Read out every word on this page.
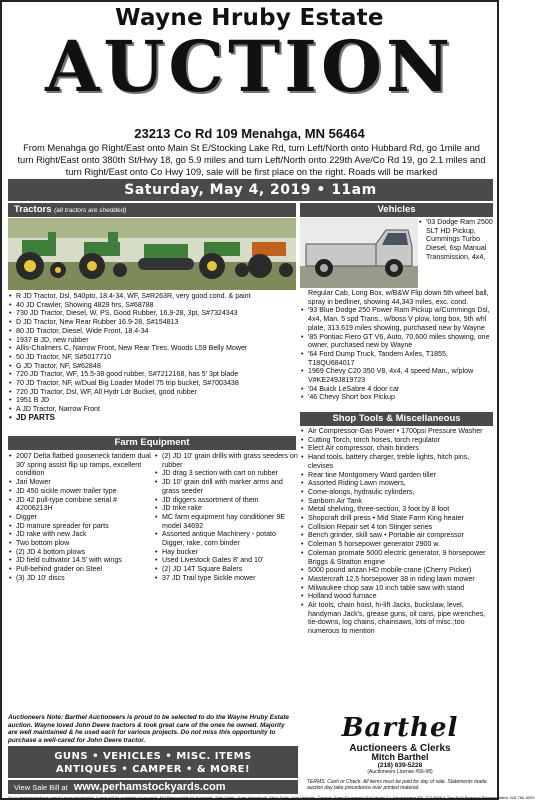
Wayne Hruby Estate
AUCTION
23213 Co Rd 109 Menahga, MN 56464
From Menahga go Right/East onto Main St E/Stocking Lake Rd, turn Left/North onto Hubbard Rd, go 1mile and turn Right/East onto 380th St/Hwy 18, go 5.9 miles and turn Left/North onto 229th Ave/Co Rd 19, go 2.1 miles and turn Right/East onto Co Hwy 109, sale will be first place on the right. Roads will be marked
Saturday, May 4, 2019 • 11am
Tractors (all tractors are shedded)
• R JD Tractor, Dsl, 540pto, 18.4-34, WF, S#R263R, very good cond. & paint
• 40 JD Crawler, Showing 4829 hrs, S#68788
• 730 JD Tractor, Diesel, W, PS, Good Rubber, 16.9-28, 3pt, S#7324343
• D JD Tractor, New Rear Rubber 16.9-28, S#154813
• 80 JD Tractor, Diesel, Wide Front, 18.4-34
• 1937 B JD, new rubber
• Allis-Chalmers C, Narrow Front, New Rear Tires, Woods L59 Belly Mower
• 50 JD Tractor, NF, S#5017710
• G JD Tractor, NF, S#62848
• 720 JD Tractor, WF, 15.5-38 good rubber, S#7212168, has 5' 3pt blade
• 70 JD Tractor, NF, w/Dual Big Loader Model 75 trip bucket, S#7003438
• 720 JD Tractor, Dsl, WF, All Hydr Ldr Bucket, good rubber
• 1951 B JD
• A JD Tractor, Narrow Front
• JD PARTS
Farm Equipment
• 2007 Delta flatbed gooseneck tandem dual 30' spring assist flip up ramps, excellent condition
• Jari Mower
• JD 450 sickle mower trailer type
• JD 42 pull-type combine serial # 42006213H
• Digger
• JD manure spreader for parts
• JD rake with new Jack
• Two bottom plow
• (2) JD 4 bottom plows
• JD field cultivator 14.5' with wings
• Pull-behind grader on Steel
• (3) JD 10' discs
• (2) JD 10' grain drills with grass seeders on rubber
• JD drag 3 section with cart on rubber
• JD 10' grain drill with marker arms and grass seeder
• JD diggers assortment of them
• JD trike rake
• MC farm equipment hay conditioner 9E model 34692
• Assorted antique Machinery - potato Digger, rake, corn binder
• Hay bucker
• Used Livestock Gates 8' and 10'
• (2) JD 14T Square Balers
• 37 JD Trail type Sickle mower
Vehicles
• '03 Dodge Ram 2500 SLT HD Pickup, Cummings Turbo Diesel, 6sp Manual Transmission, 4x4,
Regular Cab, Long Box, w/B&W Flip down 5th wheel ball, spray in bedliner, showing 44,343 miles, exc. cond.
• '93 Blue Dodge 250 Power Ram Pickup w/Cummings Dsl, 4x4, Man. 5 spd Trans., w/boss V plow, long box, 5th whl plate, 313,619 miles showing, purchased new by Wayne
• '85 Pontiac Fiero GT V6, Auto, 70,600 miles showing, one owner, purchased new by Wayne
• '64 Ford Dump Truck, Tandem Axles, T1855, T18QU684017
• 1969 Chevy C20 350 V8, 4x4, 4 speed Man., w/plow V#KE249J819723
• '04 Buick LeSabre 4 door car
• '46 Chevy Short box Pickup
Shop Tools & Miscellaneous
• Air Compressor-Gas Power • 1700psi Pressure Washer
• Cutting Torch, torch hoses, torch regulator
• Elect Air compressor, chain binders
• Hand tools, battery charger, treble lights, hitch pins, clevises
• Rear tine Montgomery Ward garden tiller
• Assorted Riding Lawn mowers,
• Come-alongs, hydraulic cylinders,
• Sanborn Air Tank
• Metal shelving, three-section, 3 foot by 8 foot
• Shopcraft drill press • Mid State Farm King heater
• Collision Repair set 4 ton Stinger series
• Bench grinder, skill saw • Portable air compressor
• Coleman 5 horsepower generator 2900 w.
• Coleman promate 5000 electric generator, 9 horsepower Briggs & Stratton engine
• 5000 pound arizan HD mobile crane (Cherry Picker)
• Mastercraft 12.5 horsepower 38 in riding lawn mower
• Milwaukee chop saw 10 inch table saw with stand
• Holland wood furnace
• Air tools, chain hoist, hi-lift Jacks, buckslaw, level, handyman Jack's, grease guns, oil cans, pipe wrenches, tie-downs, log chains, chainsaws, lots of misc.;too numerous to mention
Auctioneers Note: Barthel Auctioneers is proud to be selected to do the Wayne Hruby Estate auction. Wayne loved John Deere tractors & took great care of the ones he owned. Majority are well maintained & he used each for various projects. Do not miss this opportunity to purchase a well-cared for John Deere tractor.
GUNS • VEHICLES • MISC. ITEMS
ANTIQUES • CAMPER • & MORE!
View Sale Bill at www.perhamstockyards.com
Barthel
Auctioneers & Clerks
Mitch Barthel
(218) 639-5228
(Auctioneers License #56-98)
TERMS: Cash or Check. All items must be paid for day of sale. Statements made auction day take precedence over printed material.
Go to midwestauctions.com for more information. Lunch will be available on grounds. Not Responsible for Accidents. Sale Order: 11am-Household, Shop Tools, 1pm-Vehicles, Tractors, Farm Equipment Vicki Hruby Co-Administrator 651-373-9568 & Tom Pohl Personal Representative 218-760-5020
